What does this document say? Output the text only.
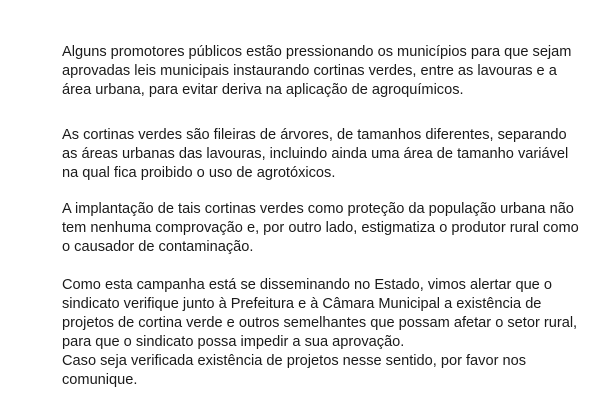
Alguns promotores públicos estão pressionando os municípios para que sejam
aprovadas leis municipais instaurando cortinas verdes, entre as lavouras e a
área urbana, para evitar deriva na aplicação de agroquímicos.

As cortinas verdes são fileiras de árvores, de tamanhos diferentes, separando
as áreas urbanas das lavouras, incluindo ainda uma área de tamanho variável
na qual fica proibido o uso de agrotóxicos.

A implantação de tais cortinas verdes como proteção da população urbana não
tem nenhuma comprovação e, por outro lado, estigmatiza o produtor rural como
o causador de contaminação.

Como esta campanha está se disseminando no Estado, vimos alertar que o
sindicato verifique junto à Prefeitura e à Câmara Municipal a existência de
projetos de cortina verde e outros semelhantes que possam afetar o setor rural,
para que o sindicato possa impedir a sua aprovação.
Caso seja verificada existência de projetos nesse sentido, por favor nos
comunique.
